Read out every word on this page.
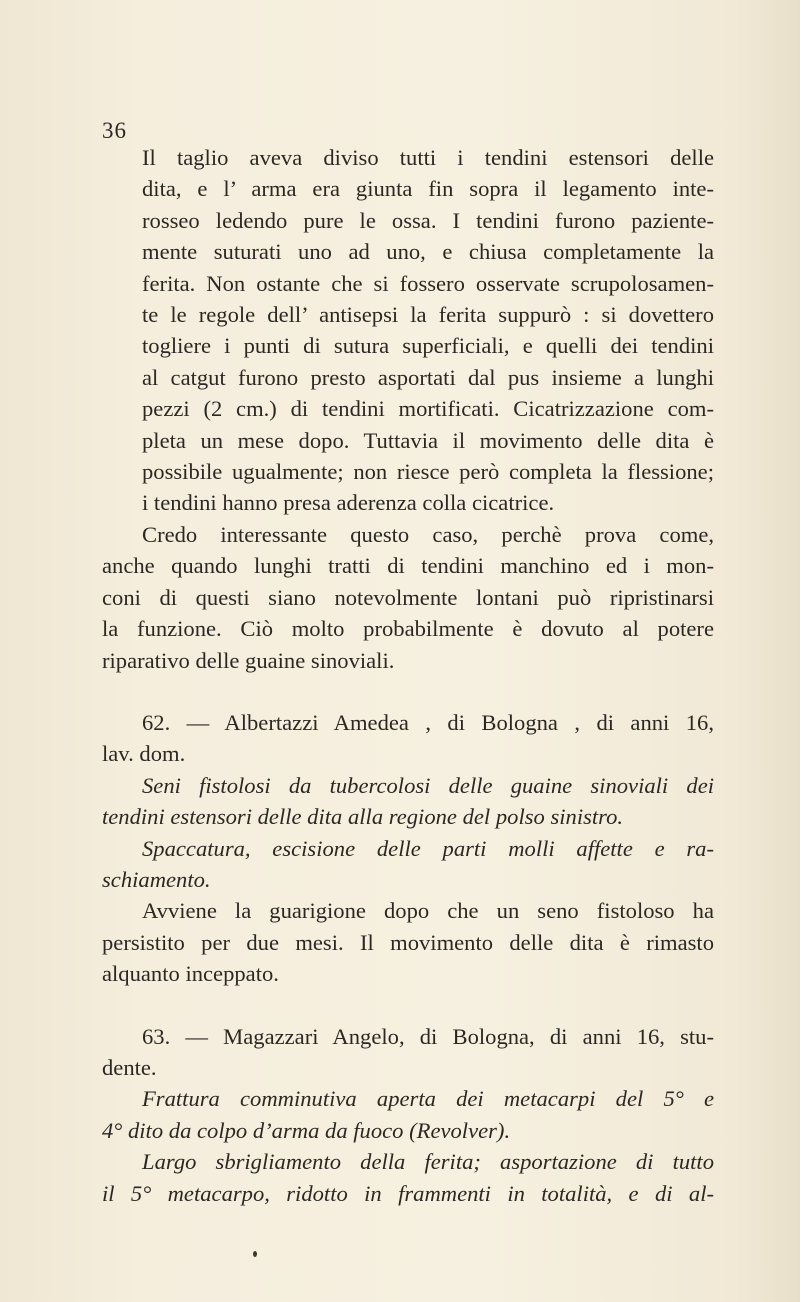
36

Il taglio aveva diviso tutti i tendini estensori delle
dita, e l’ arma era giunta fin sopra il legamento inte-
rosseo ledendo pure le ossa. I tendini furono paziente-
mente suturati uno ad uno, e chiusa completamente la
ferita. Non ostante che si fossero osservate scrupolosamen-
te le regole dell’ antisepsi la ferita suppurò : si dovettero
togliere i punti di sutura superficiali, e quelli dei tendini
al catgut furono presto asportati dal pus insieme a lunghi
pezzi (2 cm.) di tendini mortificati. Cicatrizzazione com-
pleta un mese dopo. Tuttavia il movimento delle dita è
possibile ugualmente; non riesce però completa la flessione;
i tendini hanno presa aderenza colla cicatrice.

Credo interessante questo caso, perchè prova come,
anche quando lunghi tratti di tendini manchino ed i mon-
coni di questi siano notevolmente lontani può ripristinarsi
la funzione. Ciò molto probabilmente è dovuto al potere
riparativo delle guaine sinoviali.

62. — Albertazzi Amedea , di Bologna , di anni 16,
lav. dom.

Seni fistolosi da tubercolosi delle guaine sinoviali dei
tendini estensori delle dita alla regione del polso sinistro.

Spaccatura, escisione delle parti molli affette e ra-
schiamento.

Avviene la guarigione dopo che un seno fistoloso ha
persistito per due mesi. Il movimento delle dita è rimasto
alquanto inceppato.

63. — Magazzari Angelo, di Bologna, di anni 16, stu-
dente.

Frattura comminutiva aperta dei metacarpi del 5° e
4° dito da colpo d’arma da fuoco (Revolver).

Largo sbrigliamento della ferita; asportazione di tutto
il 5° metacarpo, ridotto in frammenti in totalità, e di al-
